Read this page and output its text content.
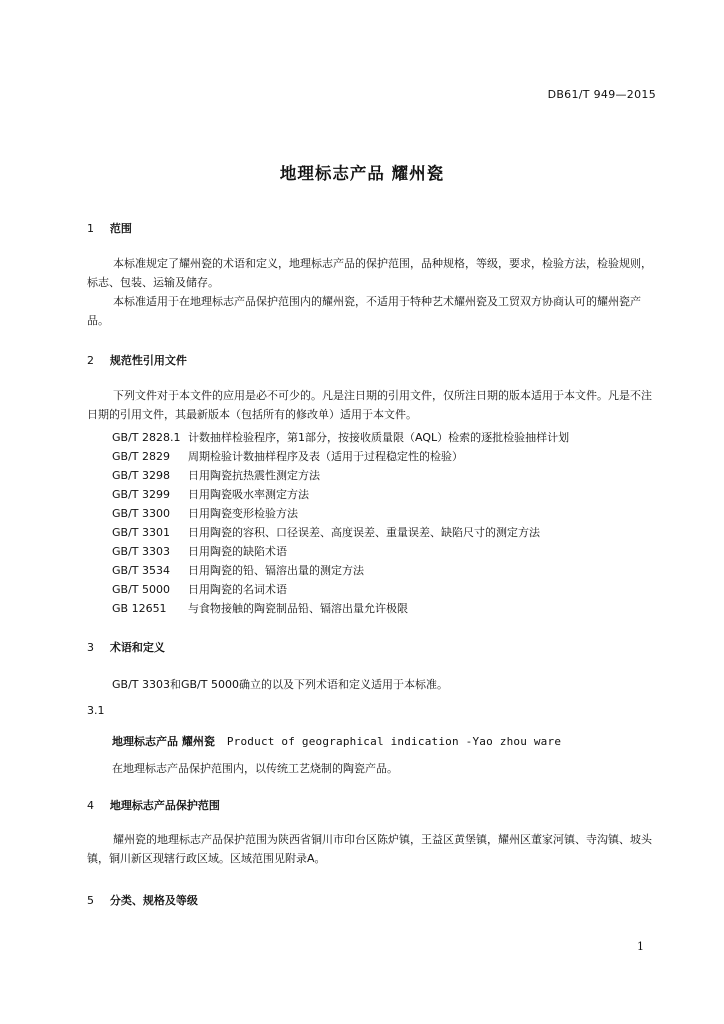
DB61/T 949—2015
地理标志产品 耀州瓷
1 范围
本标准规定了耀州瓷的术语和定义，地理标志产品的保护范围，品种规格，等级，要求，检验方法，检验规则，标志、包装、运输及储存。
本标准适用于在地理标志产品保护范围内的耀州瓷，不适用于特种艺术耀州瓷及工贸双方协商认可的耀州瓷产品。
2 规范性引用文件
下列文件对于本文件的应用是必不可少的。凡是注日期的引用文件，仅所注日期的版本适用于本文件。凡是不注日期的引用文件，其最新版本（包括所有的修改单）适用于本文件。
GB/T 2828.1 计数抽样检验程序，第1部分，按接收质量限（AQL）检索的逐批检验抽样计划
GB/T 2829 周期检验计数抽样程序及表（适用于过程稳定性的检验）
GB/T 3298 日用陶瓷抗热震性测定方法
GB/T 3299 日用陶瓷吸水率测定方法
GB/T 3300 日用陶瓷变形检验方法
GB/T 3301 日用陶瓷的容积、口径误差、高度误差、重量误差、缺陷尺寸的测定方法
GB/T 3303 日用陶瓷的缺陷术语
GB/T 3534 日用陶瓷的铅、镉溶出量的测定方法
GB/T 5000 日用陶瓷的名词术语
GB 12651 与食物接触的陶瓷制品铅、镉溶出量允许极限
3 术语和定义
GB/T 3303和GB/T 5000确立的以及下列术语和定义适用于本标准。
3.1
地理标志产品 耀州瓷 Product of geographical indication -Yao zhou ware
在地理标志产品保护范围内，以传统工艺烧制的陶瓷产品。
4 地理标志产品保护范围
耀州瓷的地理标志产品保护范围为陕西省铜川市印台区陈炉镇，王益区黄堡镇，耀州区董家河镇、寺沟镇、坡头镇，铜川新区现辖行政区域。区域范围见附录A。
5 分类、规格及等级
1
